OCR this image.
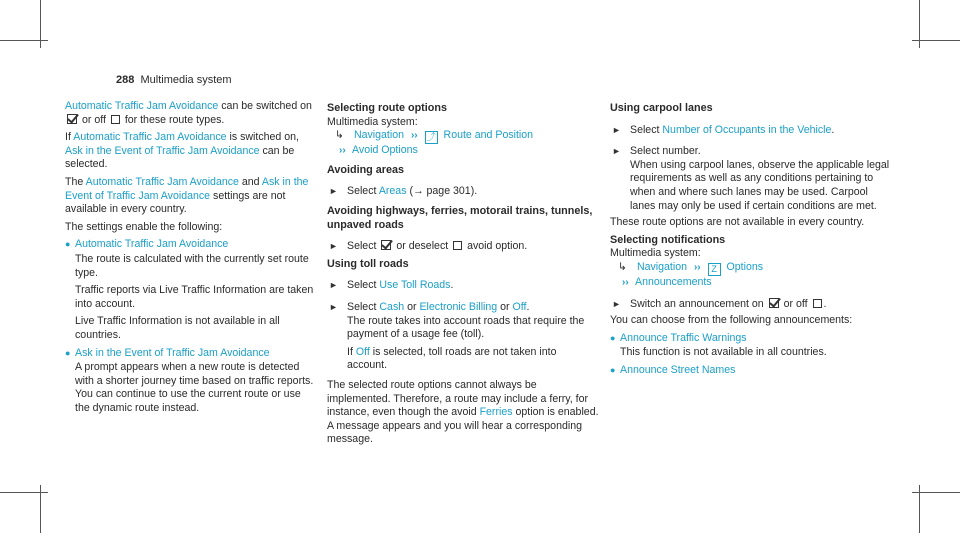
288 Multimedia system
Automatic Traffic Jam Avoidance can be switched on  or off for these route types.
If Automatic Traffic Jam Avoidance is switched on, Ask in the Event of Traffic Jam Avoidance can be selected.
The Automatic Traffic Jam Avoidance and Ask in the Event of Traffic Jam Avoidance settings are not available in every country.
The settings enable the following:
● Automatic Traffic Jam Avoidance
The route is calculated with the currently set route type.
Traffic reports via Live Traffic Information are taken into account.
Live Traffic Information is not available in all countries.
● Ask in the Event of Traffic Jam Avoidance
A prompt appears when a new route is detected with a shorter journey time based on traffic reports. You can continue to use the current route or use the dynamic route instead.
Selecting route options
Multimedia system:
↳ Navigation ›› ⤴ Route and Position
›› Avoid Options
Avoiding areas
► Select Areas (→ page 301).
Avoiding highways, ferries, motorail trains, tunnels, unpaved roads
► Select or deselect avoid option.
Using toll roads
► Select Use Toll Roads.
► Select Cash or Electronic Billing or Off.
The route takes into account roads that require the payment of a usage fee (toll).
If Off is selected, toll roads are not taken into account.
The selected route options cannot always be implemented. Therefore, a route may include a ferry, for instance, even though the avoid Ferries option is enabled. A message appears and you will hear a corresponding message.
Using carpool lanes
► Select Number of Occupants in the Vehicle.
► Select number.
When using carpool lanes, observe the applicable legal requirements as well as any conditions pertaining to when and where such lanes may be used. Carpool lanes may only be used if certain conditions are met.
These route options are not available in every country.
Selecting notifications
Multimedia system:
↳ Navigation ›› Z Options
›› Announcements
► Switch an announcement on or off .
You can choose from the following announcements:
● Announce Traffic Warnings
This function is not available in all countries.
● Announce Street Names
